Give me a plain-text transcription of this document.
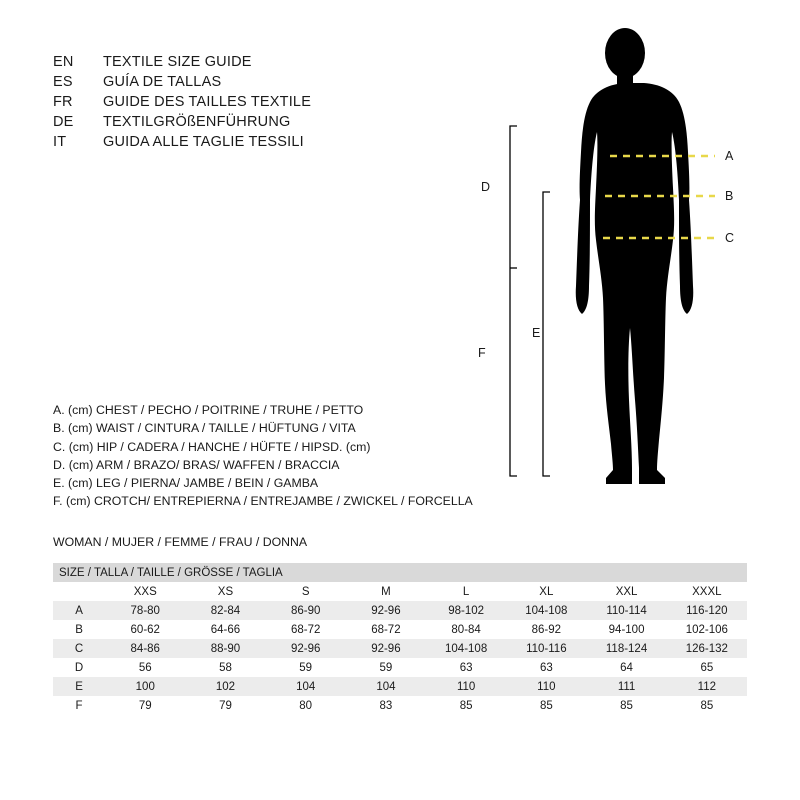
EN	TEXTILE SIZE GUIDE
ES	GUÍA DE TALLAS
FR	GUIDE DES TAILLES TEXTILE
DE	TEXTILGRÖßENFÜHRUNG
IT	GUIDA ALLE TAGLIE TESSILI
D
E
F
A
B
C
A. (cm) CHEST / PECHO / POITRINE / TRUHE / PETTO
B. (cm) WAIST / CINTURA / TAILLE / HÜFTUNG / VITA
C. (cm) HIP / CADERA / HANCHE / HÜFTE / HIPSD. (cm)
D. (cm) ARM / BRAZO/ BRAS/ WAFFEN / BRACCIA
E. (cm) LEG / PIERNA/ JAMBE / BEIN / GAMBA
F. (cm) CROTCH/ ENTREPIERNA / ENTREJAMBE / ZWICKEL / FORCELLA
WOMAN / MUJER / FEMME / FRAU / DONNA
SIZE / TALLA / TAILLE / GRÖSSE / TAGLIA								
	XXS	XS	S	M	L	XL	XXL	XXXL
A	78-80	82-84	86-90	92-96	98-102	104-108	110-114	116-120
B	60-62	64-66	68-72	68-72	80-84	86-92	94-100	102-106
C	84-86	88-90	92-96	92-96	104-108	110-116	118-124	126-132
D	56	58	59	59	63	63	64	65
E	100	102	104	104	110	110	111	112
F	79	79	80	83	85	85	85	85
